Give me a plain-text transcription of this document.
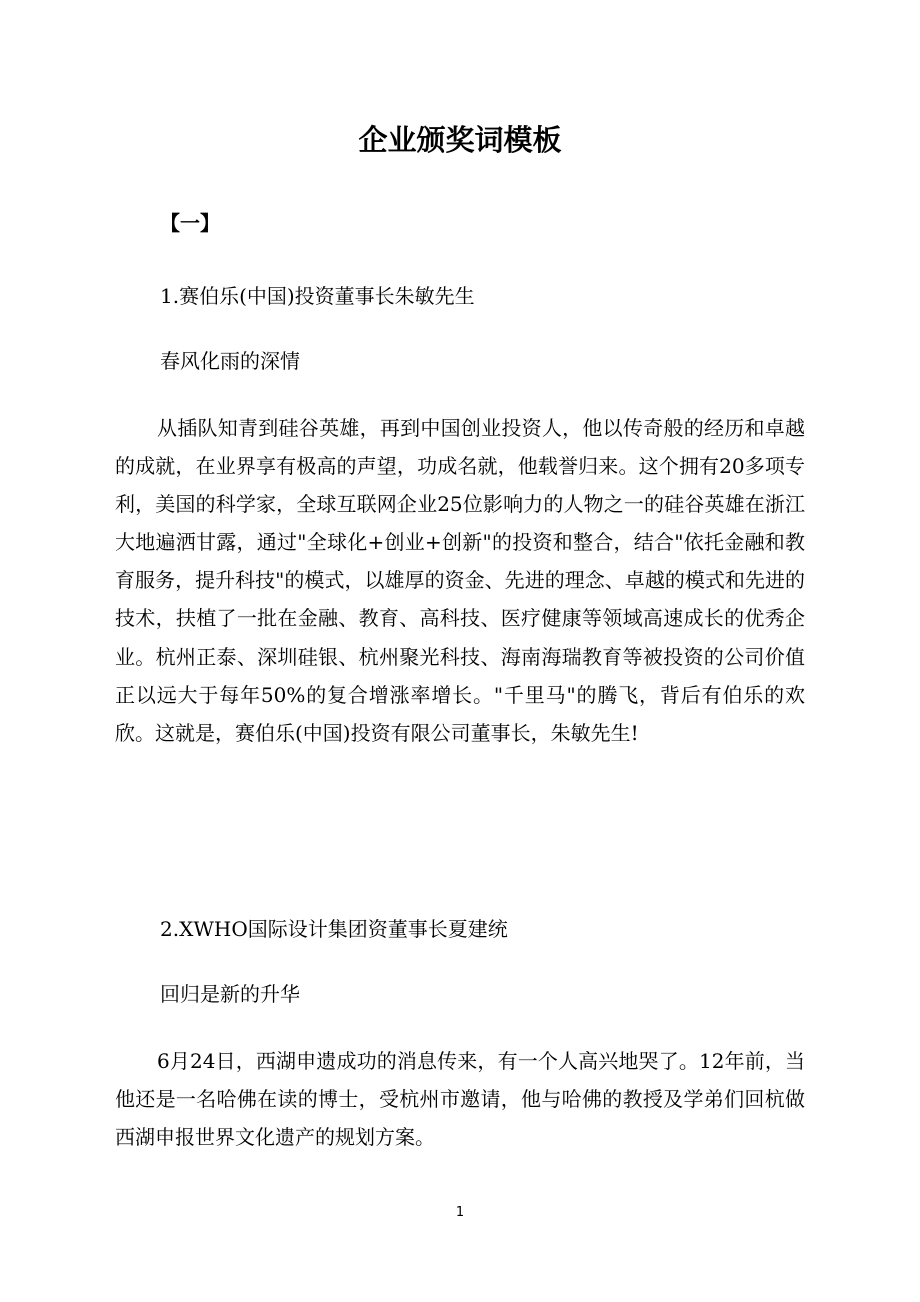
企业颁奖词模板
【一】
1.赛伯乐(中国)投资董事长朱敏先生
春风化雨的深情

从插队知青到硅谷英雄，再到中国创业投资人，他以传奇般的经历和卓越的成就，在业界享有极高的声望，功成名就，他载誉归来。这个拥有20多项专利，美国的科学家，全球互联网企业25位影响力的人物之一的硅谷英雄在浙江大地遍洒甘露，通过"全球化+创业+创新"的投资和整合，结合"依托金融和教育服务，提升科技"的模式，以雄厚的资金、先进的理念、卓越的模式和先进的技术，扶植了一批在金融、教育、高科技、医疗健康等领域高速成长的优秀企业。杭州正泰、深圳硅银、杭州聚光科技、海南海瑞教育等被投资的公司价值正以远大于每年50%的复合增涨率增长。"千里马"的腾飞，背后有伯乐的欢欣。这就是，赛伯乐(中国)投资有限公司董事长，朱敏先生!

2.XWHO国际设计集团资董事长夏建统
回归是新的升华

6月24日，西湖申遗成功的消息传来，有一个人高兴地哭了。12年前，当他还是一名哈佛在读的博士，受杭州市邀请，他与哈佛的教授及学弟们回杭做西湖申报世界文化遗产的规划方案。

1
